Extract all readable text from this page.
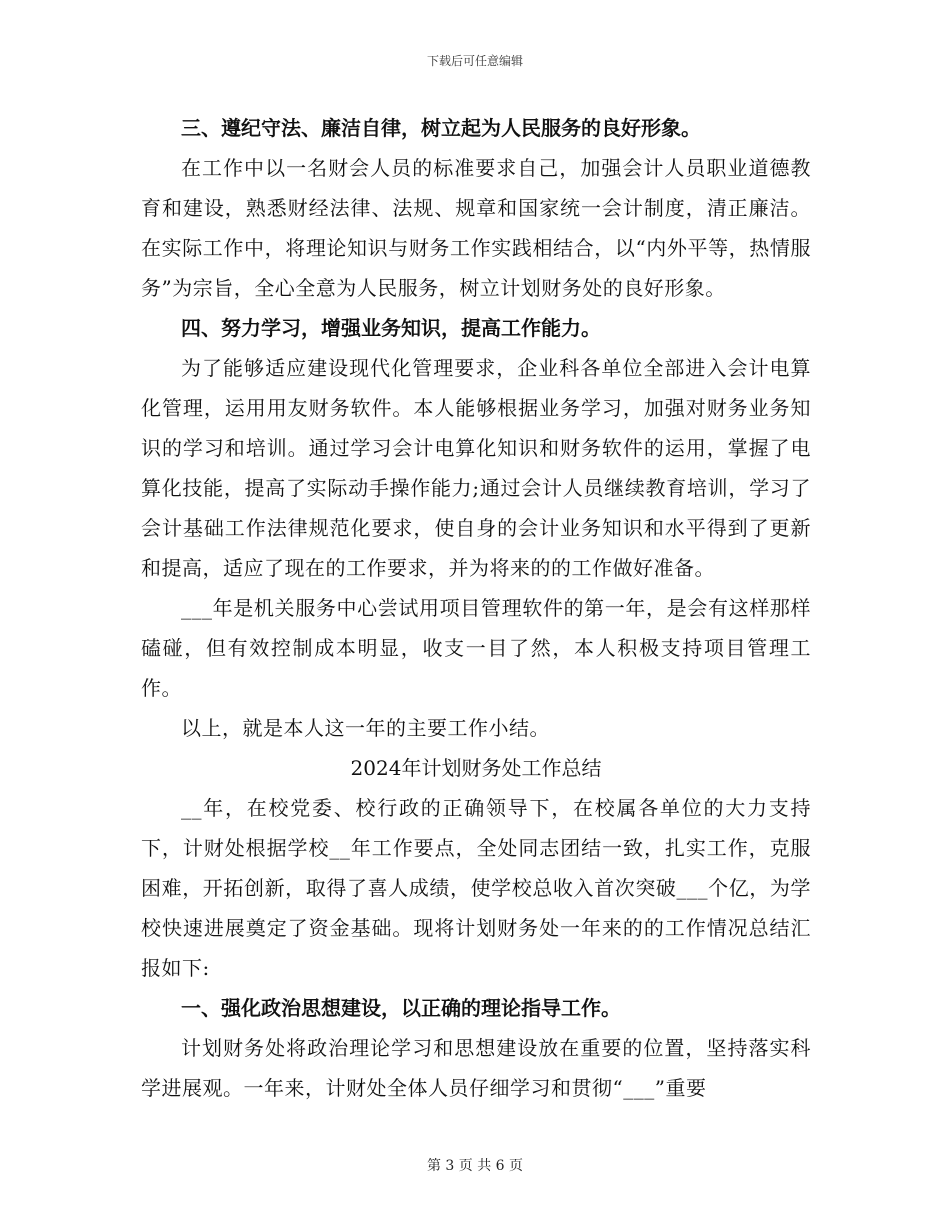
下载后可任意编辑

三、遵纪守法、廉洁自律，树立起为人民服务的良好形象。

在工作中以一名财会人员的标准要求自己，加强会计人员职业道德教育和建设，熟悉财经法律、法规、规章和国家统一会计制度，清正廉洁。在实际工作中，将理论知识与财务工作实践相结合，以“内外平等，热情服务”为宗旨，全心全意为人民服务，树立计划财务处的良好形象。

四、努力学习，增强业务知识，提高工作能力。

为了能够适应建设现代化管理要求，企业科各单位全部进入会计电算化管理，运用用友财务软件。本人能够根据业务学习，加强对财务业务知识的学习和培训。通过学习会计电算化知识和财务软件的运用，掌握了电算化技能，提高了实际动手操作能力;通过会计人员继续教育培训，学习了会计基础工作法律规范化要求，使自身的会计业务知识和水平得到了更新和提高，适应了现在的工作要求，并为将来的的工作做好准备。

___年是机关服务中心尝试用项目管理软件的第一年，是会有这样那样磕碰，但有效控制成本明显，收支一目了然，本人积极支持项目管理工作。

以上，就是本人这一年的主要工作小结。

2024年计划财务处工作总结

__年，在校党委、校行政的正确领导下，在校属各单位的大力支持下，计财处根据学校__年工作要点，全处同志团结一致，扎实工作，克服困难，开拓创新，取得了喜人成绩，使学校总收入首次突破___个亿，为学校快速进展奠定了资金基础。现将计划财务处一年来的的工作情况总结汇报如下:

一、强化政治思想建设，以正确的理论指导工作。

计划财务处将政治理论学习和思想建设放在重要的位置，坚持落实科学进展观。一年来，计财处全体人员仔细学习和贯彻“___”重要

第 3 页 共 6 页
